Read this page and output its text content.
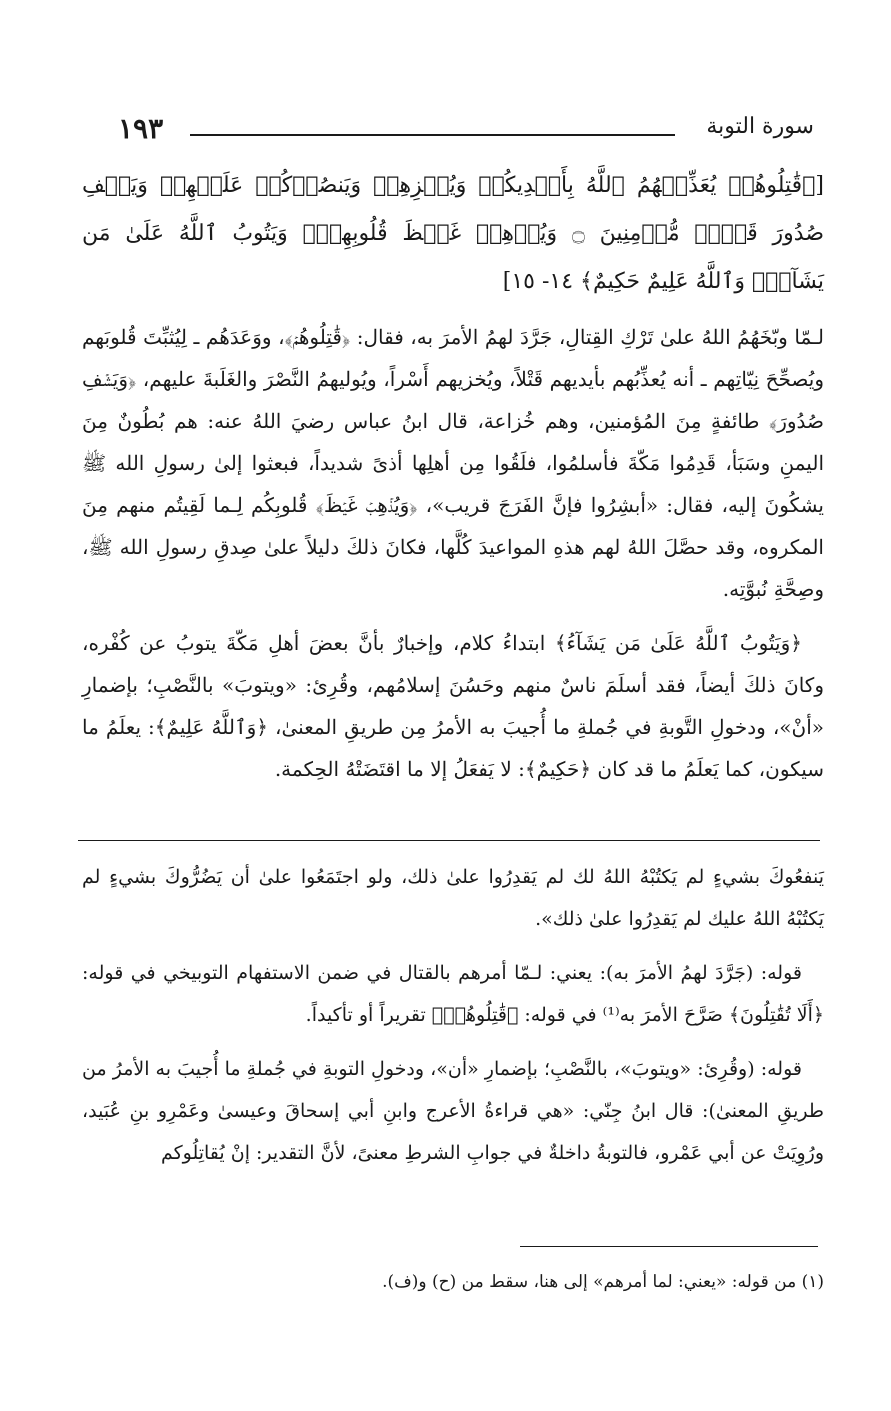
١٩٣	سورة التوبة
[﴿قَٰتِلُوهُمۡ يُعَذِّبۡهُمُ ٱللَّهُ بِأَيۡدِيكُمۡ وَيُخۡزِهِمۡ وَيَنصُرۡكُمۡ عَلَيۡهِمۡ وَيَشۡفِ صُدُورَ قَوۡمٖ مُّؤۡمِنِينَ ۝ وَيُذۡهِبۡ غَيۡظَ قُلُوبِهِمۡۗ وَيَتُوبُ ٱللَّهُ عَلَىٰ مَن يَشَآءُۗ وَٱللَّهُ عَلِيمٌ حَكِيمٌ﴾ ١٤- ١٥]

لـمّا وبّخَهُمُ اللهُ علىٰ تَرْكِ القِتالِ، جَرَّدَ لهمُ الأمرَ به، فقال: ﴿قَٰتِلُوهُمۡ﴾، ووَعَدَهُم ـ لِيُثبِّتَ قُلوبَهم ويُصحِّحَ نِيّاتِهم ـ أنه يُعذِّبُهم بأيديهم قَتْلاً، ويُخزيهم أَسْراً، ويُوليهمُ النَّصْرَ والغَلَبةَ عليهم، ﴿وَيَشۡفِ صُدُورَ﴾ طائفةٍ مِنَ المُؤمنين، وهم خُزاعة، قال ابنُ عباس رضيَ اللهُ عنه: هم بُطُونٌ مِنَ اليمنِ وسَبَأ، قَدِمُوا مَكّةَ فأسلمُوا، فلَقُوا مِن أهلِها أذىً شديداً، فبعثوا إلىٰ رسولِ الله ﷺ يشكُونَ إليه، فقال: «أبشِرُوا فإنَّ الفَرَجَ قريب»، ﴿وَيُذۡهِبۡ غَيۡظَ﴾ قُلوبِكُم لِـما لَقِيتُم منهم مِنَ المكروه، وقد حصَّلَ اللهُ لهم هذهِ المواعيدَ كُلَّها، فكانَ ذلكَ دليلاً علىٰ صِدقِ رسولِ الله ﷺ، وصِحَّةِ نُبوَّتِه.

﴿وَيَتُوبُ ٱللَّهُ عَلَىٰ مَن يَشَآءُ﴾ ابتداءُ كلام، وإخبارٌ بأنَّ بعضَ أهلِ مَكّةَ يتوبُ عن كُفْره، وكانَ ذلكَ أيضاً، فقد أسلَمَ ناسٌ منهم وحَسُنَ إسلامُهم، وقُرِئ: «ويتوبَ» بالنَّصْبِ؛ بإضمارِ «أنْ»، ودخولِ التَّوبةِ في جُملةِ ما أُجيبَ به الأمرُ مِن طريقِ المعنىٰ، ﴿وَٱللَّهُ عَلِيمٌ﴾: يعلَمُ ما سيكون، كما يَعلَمُ ما قد كان ﴿حَكِيمٌ﴾: لا يَفعَلُ إلا ما اقتَضَتْهُ الحِكمة.

يَنفعُوكَ بشيءٍ لم يَكتُبْهُ اللهُ لك لم يَقدِرُوا علىٰ ذلك، ولو اجتَمَعُوا علىٰ أن يَضُرُّوكَ بشيءٍ لم يَكتُبْهُ اللهُ عليك لم يَقدِرُوا علىٰ ذلك».

قوله: (جَرَّدَ لهمُ الأمرَ به): يعني: لـمّا أمرهم بالقتال في ضمن الاستفهام التوبيخي في قوله: ﴿أَلَا تُقَٰتِلُونَ﴾ صَرَّحَ الأمرَ به⁽¹⁾ في قوله: ﴿قَٰتِلُوهُمۡ﴾ تقريراً أو تأكيداً.

قوله: (وقُرِئ: «ويتوبَ»، بالنَّصْبِ؛ بإضمارِ «أن»، ودخولِ التوبةِ في جُملةِ ما أُجيبَ به الأمرُ من طريقِ المعنىٰ): قال ابنُ جِنّي: «هي قراءةُ الأعرج وابنِ أبي إسحاقَ وعيسىٰ وعَمْرِو بنِ عُبَيد، ورُوِيَتْ عن أبي عَمْرو، فالتوبةُ داخلةٌ في جوابِ الشرطِ معنىً، لأنَّ التقدير: إنْ يُقاتِلُوكم

(١) من قوله: «يعني: لما أمرهم» إلى هنا، سقط من (ح) و(ف).
